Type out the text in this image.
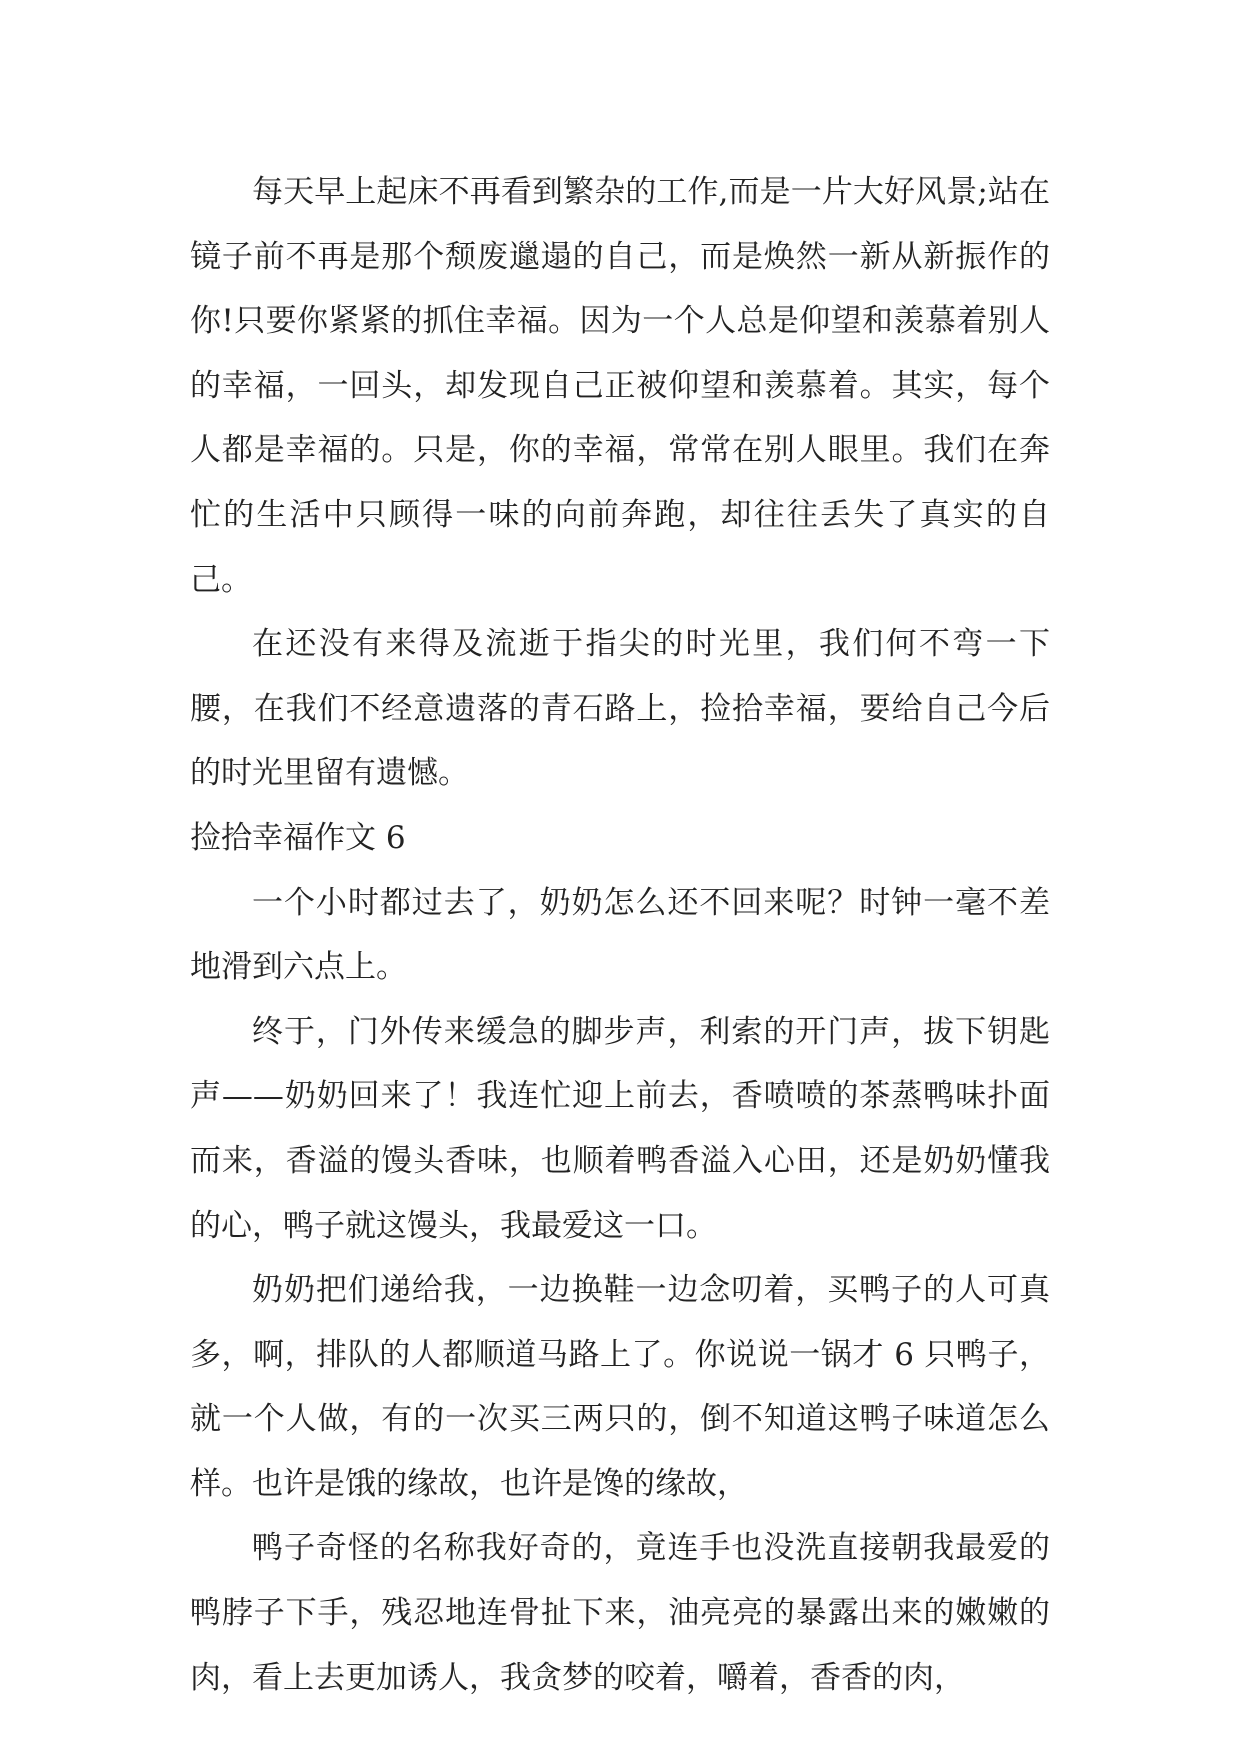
每天早上起床不再看到繁杂的工作,而是一片大好风景;站在镜子前不再是那个颓废邋遢的自己，而是焕然一新从新振作的你!只要你紧紧的抓住幸福。因为一个人总是仰望和羡慕着别人的幸福，一回头，却发现自己正被仰望和羡慕着。其实，每个人都是幸福的。只是，你的幸福，常常在别人眼里。我们在奔忙的生活中只顾得一味的向前奔跑，却往往丢失了真实的自己。

在还没有来得及流逝于指尖的时光里，我们何不弯一下腰，在我们不经意遗落的青石路上，捡拾幸福，要给自己今后的时光里留有遗憾。

捡拾幸福作文 6

一个小时都过去了，奶奶怎么还不回来呢？时钟一毫不差地滑到六点上。

终于，门外传来缓急的脚步声，利索的开门声，拔下钥匙声——奶奶回来了！我连忙迎上前去，香喷喷的茶蒸鸭味扑面而来，香溢的馒头香味，也顺着鸭香溢入心田，还是奶奶懂我的心，鸭子就这馒头，我最爱这一口。

奶奶把们递给我，一边换鞋一边念叨着，买鸭子的人可真多，啊，排队的人都顺道马路上了。你说说一锅才 6 只鸭子，就一个人做，有的一次买三两只的，倒不知道这鸭子味道怎么样。也许是饿的缘故，也许是馋的缘故，

鸭子奇怪的名称我好奇的，竟连手也没洗直接朝我最爱的鸭脖子下手，残忍地连骨扯下来，油亮亮的暴露出来的嫩嫩的肉，看上去更加诱人，我贪梦的咬着，嚼着，香香的肉，
